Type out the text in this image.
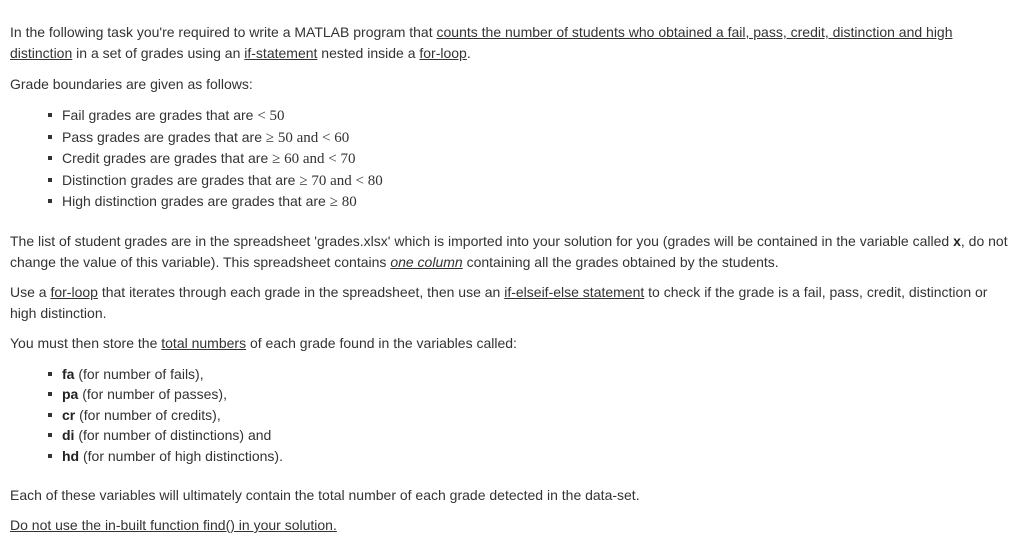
In the following task you're required to write a MATLAB program that counts the number of students who obtained a fail, pass, credit, distinction and high distinction in a set of grades using an if-statement nested inside a for-loop.

Grade boundaries are given as follows:

Fail grades are grades that are < 50
Pass grades are grades that are ≥ 50 and < 60
Credit grades are grades that are ≥ 60 and < 70
Distinction grades are grades that are ≥ 70 and < 80
High distinction grades are grades that are ≥ 80

The list of student grades are in the spreadsheet 'grades.xlsx' which is imported into your solution for you (grades will be contained in the variable called x, do not change the value of this variable). This spreadsheet contains one column containing all the grades obtained by the students.

Use a for-loop that iterates through each grade in the spreadsheet, then use an if-elseif-else statement to check if the grade is a fail, pass, credit, distinction or high distinction.

You must then store the total numbers of each grade found in the variables called:

fa (for number of fails),
pa (for number of passes),
cr (for number of credits),
di (for number of distinctions) and
hd (for number of high distinctions).

Each of these variables will ultimately contain the total number of each grade detected in the data-set.

Do not use the in-built function find() in your solution.
